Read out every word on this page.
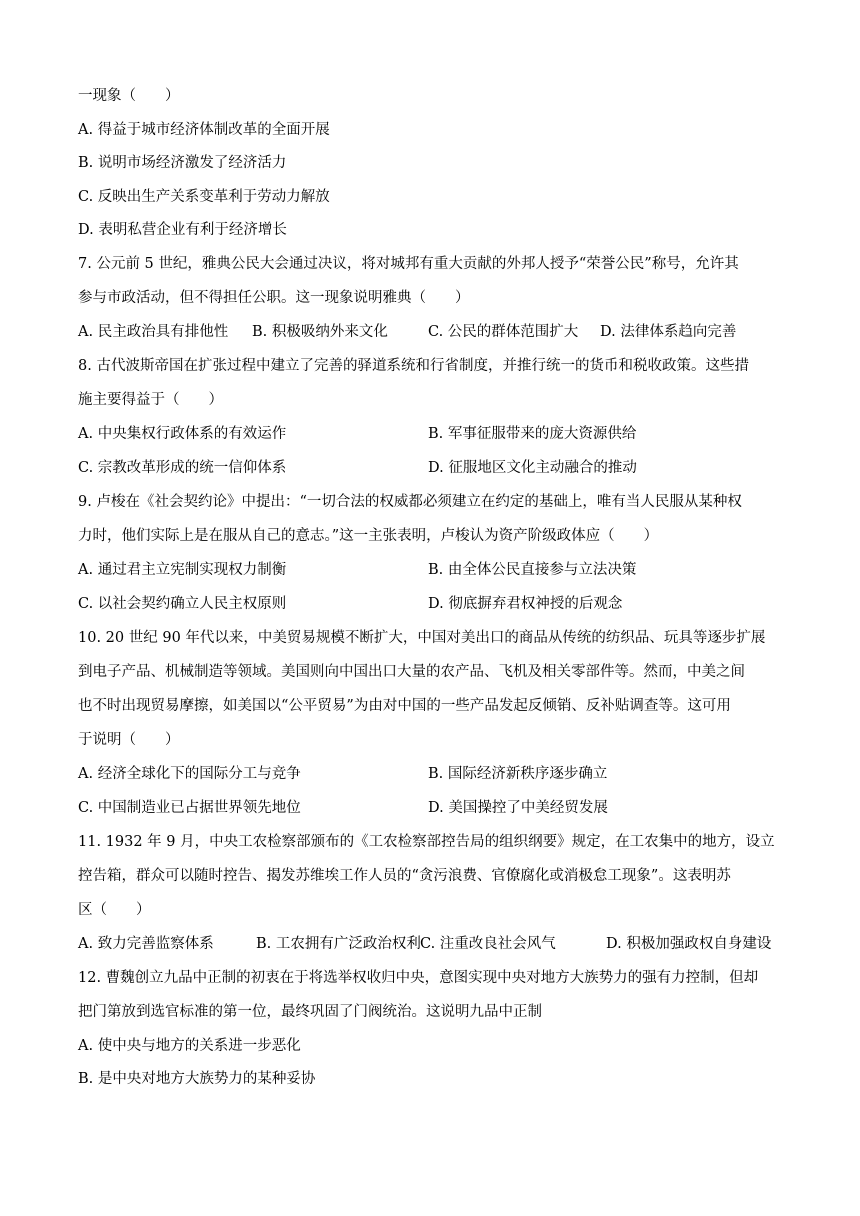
一现象（　　）
A. 得益于城市经济体制改革的全面开展
B. 说明市场经济激发了经济活力
C. 反映出生产关系变革利于劳动力解放
D. 表明私营企业有利于经济增长
7. 公元前 5 世纪，雅典公民大会通过决议，将对城邦有重大贡献的外邦人授予“荣誉公民”称号，允许其
参与市政活动，但不得担任公职。这一现象说明雅典（　　）
A. 民主政治具有排他性 B. 积极吸纳外来文化	C. 公民的群体范围扩大 D. 法律体系趋向完善
8. 古代波斯帝国在扩张过程中建立了完善的驿道系统和行省制度，并推行统一的货币和税收政策。这些措
施主要得益于（　　）
A. 中央集权行政体系的有效运作	B. 军事征服带来的庞大资源供给
C. 宗教改革形成的统一信仰体系	D. 征服地区文化主动融合的推动
9. 卢梭在《社会契约论》中提出：“一切合法的权威都必须建立在约定的基础上，唯有当人民服从某种权
力时，他们实际上是在服从自己的意志。”这一主张表明，卢梭认为资产阶级政体应（　　）
A. 通过君主立宪制实现权力制衡	B. 由全体公民直接参与立法决策
C. 以社会契约确立人民主权原则	D. 彻底摒弃君权神授的后观念
10. 20 世纪 90 年代以来，中美贸易规模不断扩大，中国对美出口的商品从传统的纺织品、玩具等逐步扩展
到电子产品、机械制造等领域。美国则向中国出口大量的农产品、飞机及相关零部件等。然而，中美之间
也不时出现贸易摩擦，如美国以“公平贸易”为由对中国的一些产品发起反倾销、反补贴调查等。这可用
于说明（　　）
A. 经济全球化下的国际分工与竞争	B. 国际经济新秩序逐步确立
C. 中国制造业已占据世界领先地位	D. 美国操控了中美经贸发展
11. 1932 年 9 月，中央工农检察部颁布的《工农检察部控告局的组织纲要》规定，在工农集中的地方，设立
控告箱，群众可以随时控告、揭发苏维埃工作人员的“贪污浪费、官僚腐化或消极怠工现象”。这表明苏
区（　　）
A. 致力完善监察体系	B. 工农拥有广泛政治权利 C. 注重改良社会风气	D. 积极加强政权自身建设
12. 曹魏创立九品中正制的初衷在于将选举权收归中央，意图实现中央对地方大族势力的强有力控制，但却
把门第放到选官标准的第一位，最终巩固了门阀统治。这说明九品中正制
A. 使中央与地方的关系进一步恶化
B. 是中央对地方大族势力的某种妥协
